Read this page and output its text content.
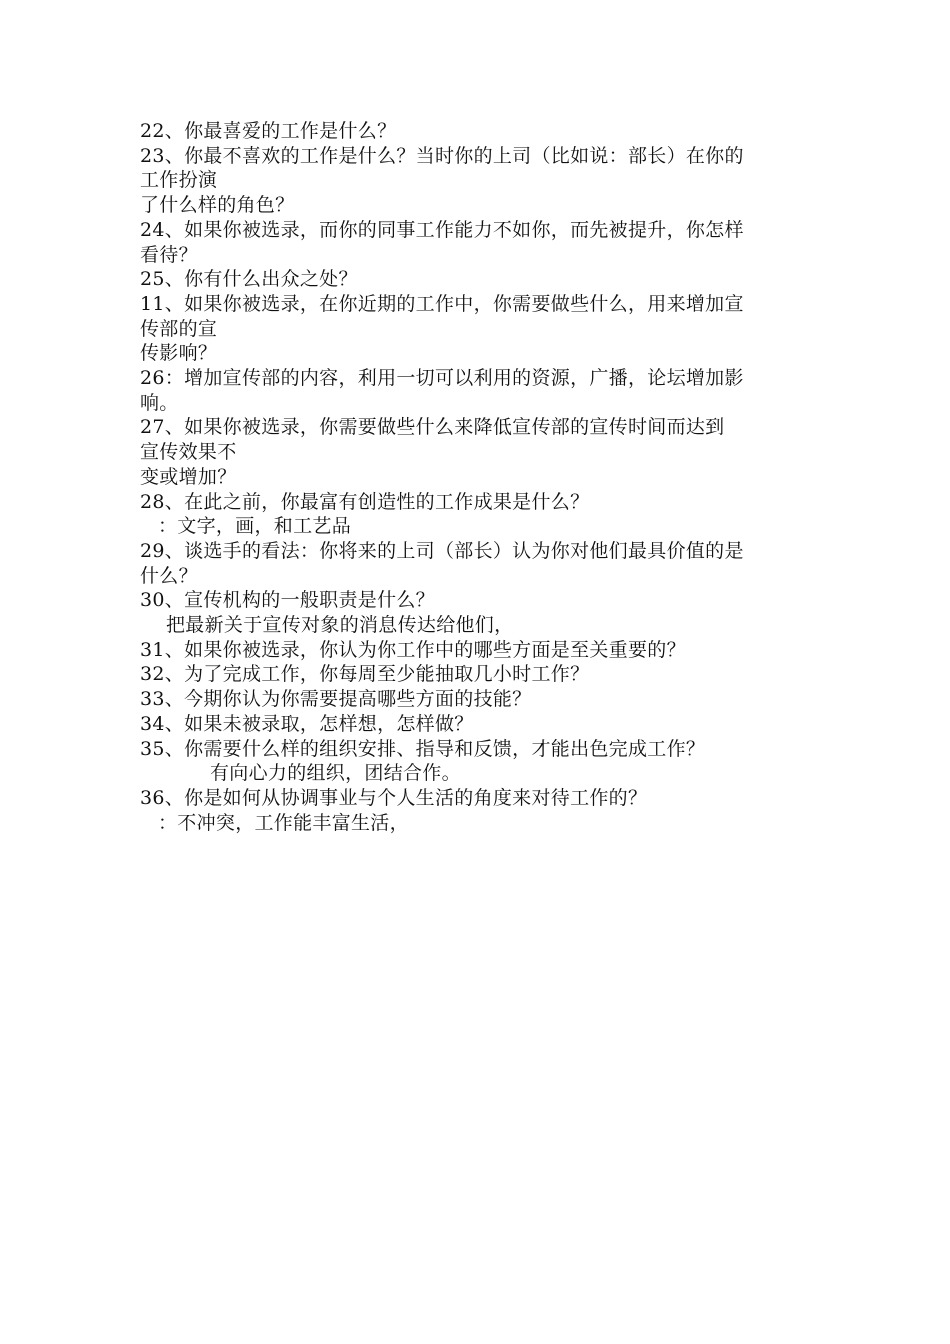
22、你最喜爱的工作是什么？
23、你最不喜欢的工作是什么？当时你的上司（比如说：部长）在你的
工作扮演
了什么样的角色？
24、如果你被选录，而你的同事工作能力不如你，而先被提升，你怎样
看待？
25、你有什么出众之处？
11、如果你被选录，在你近期的工作中，你需要做些什么，用来增加宣
传部的宣
传影响？
26：增加宣传部的内容，利用一切可以利用的资源，广播，论坛增加影
响。
27、如果你被选录，你需要做些什么来降低宣传部的宣传时间而达到
宣传效果不
变或增加？
28、在此之前，你最富有创造性的工作成果是什么？
：文字，画，和工艺品
29、谈选手的看法：你将来的上司（部长）认为你对他们最具价值的是
什么？
30、宣传机构的一般职责是什么？
把最新关于宣传对象的消息传达给他们，
31、如果你被选录，你认为你工作中的哪些方面是至关重要的？
32、为了完成工作，你每周至少能抽取几小时工作？
33、今期你认为你需要提高哪些方面的技能？
34、如果未被录取，怎样想，怎样做？
35、你需要什么样的组织安排、指导和反馈，才能出色完成工作？
有向心力的组织，团结合作。
36、你是如何从协调事业与个人生活的角度来对待工作的？
：不冲突，工作能丰富生活，
